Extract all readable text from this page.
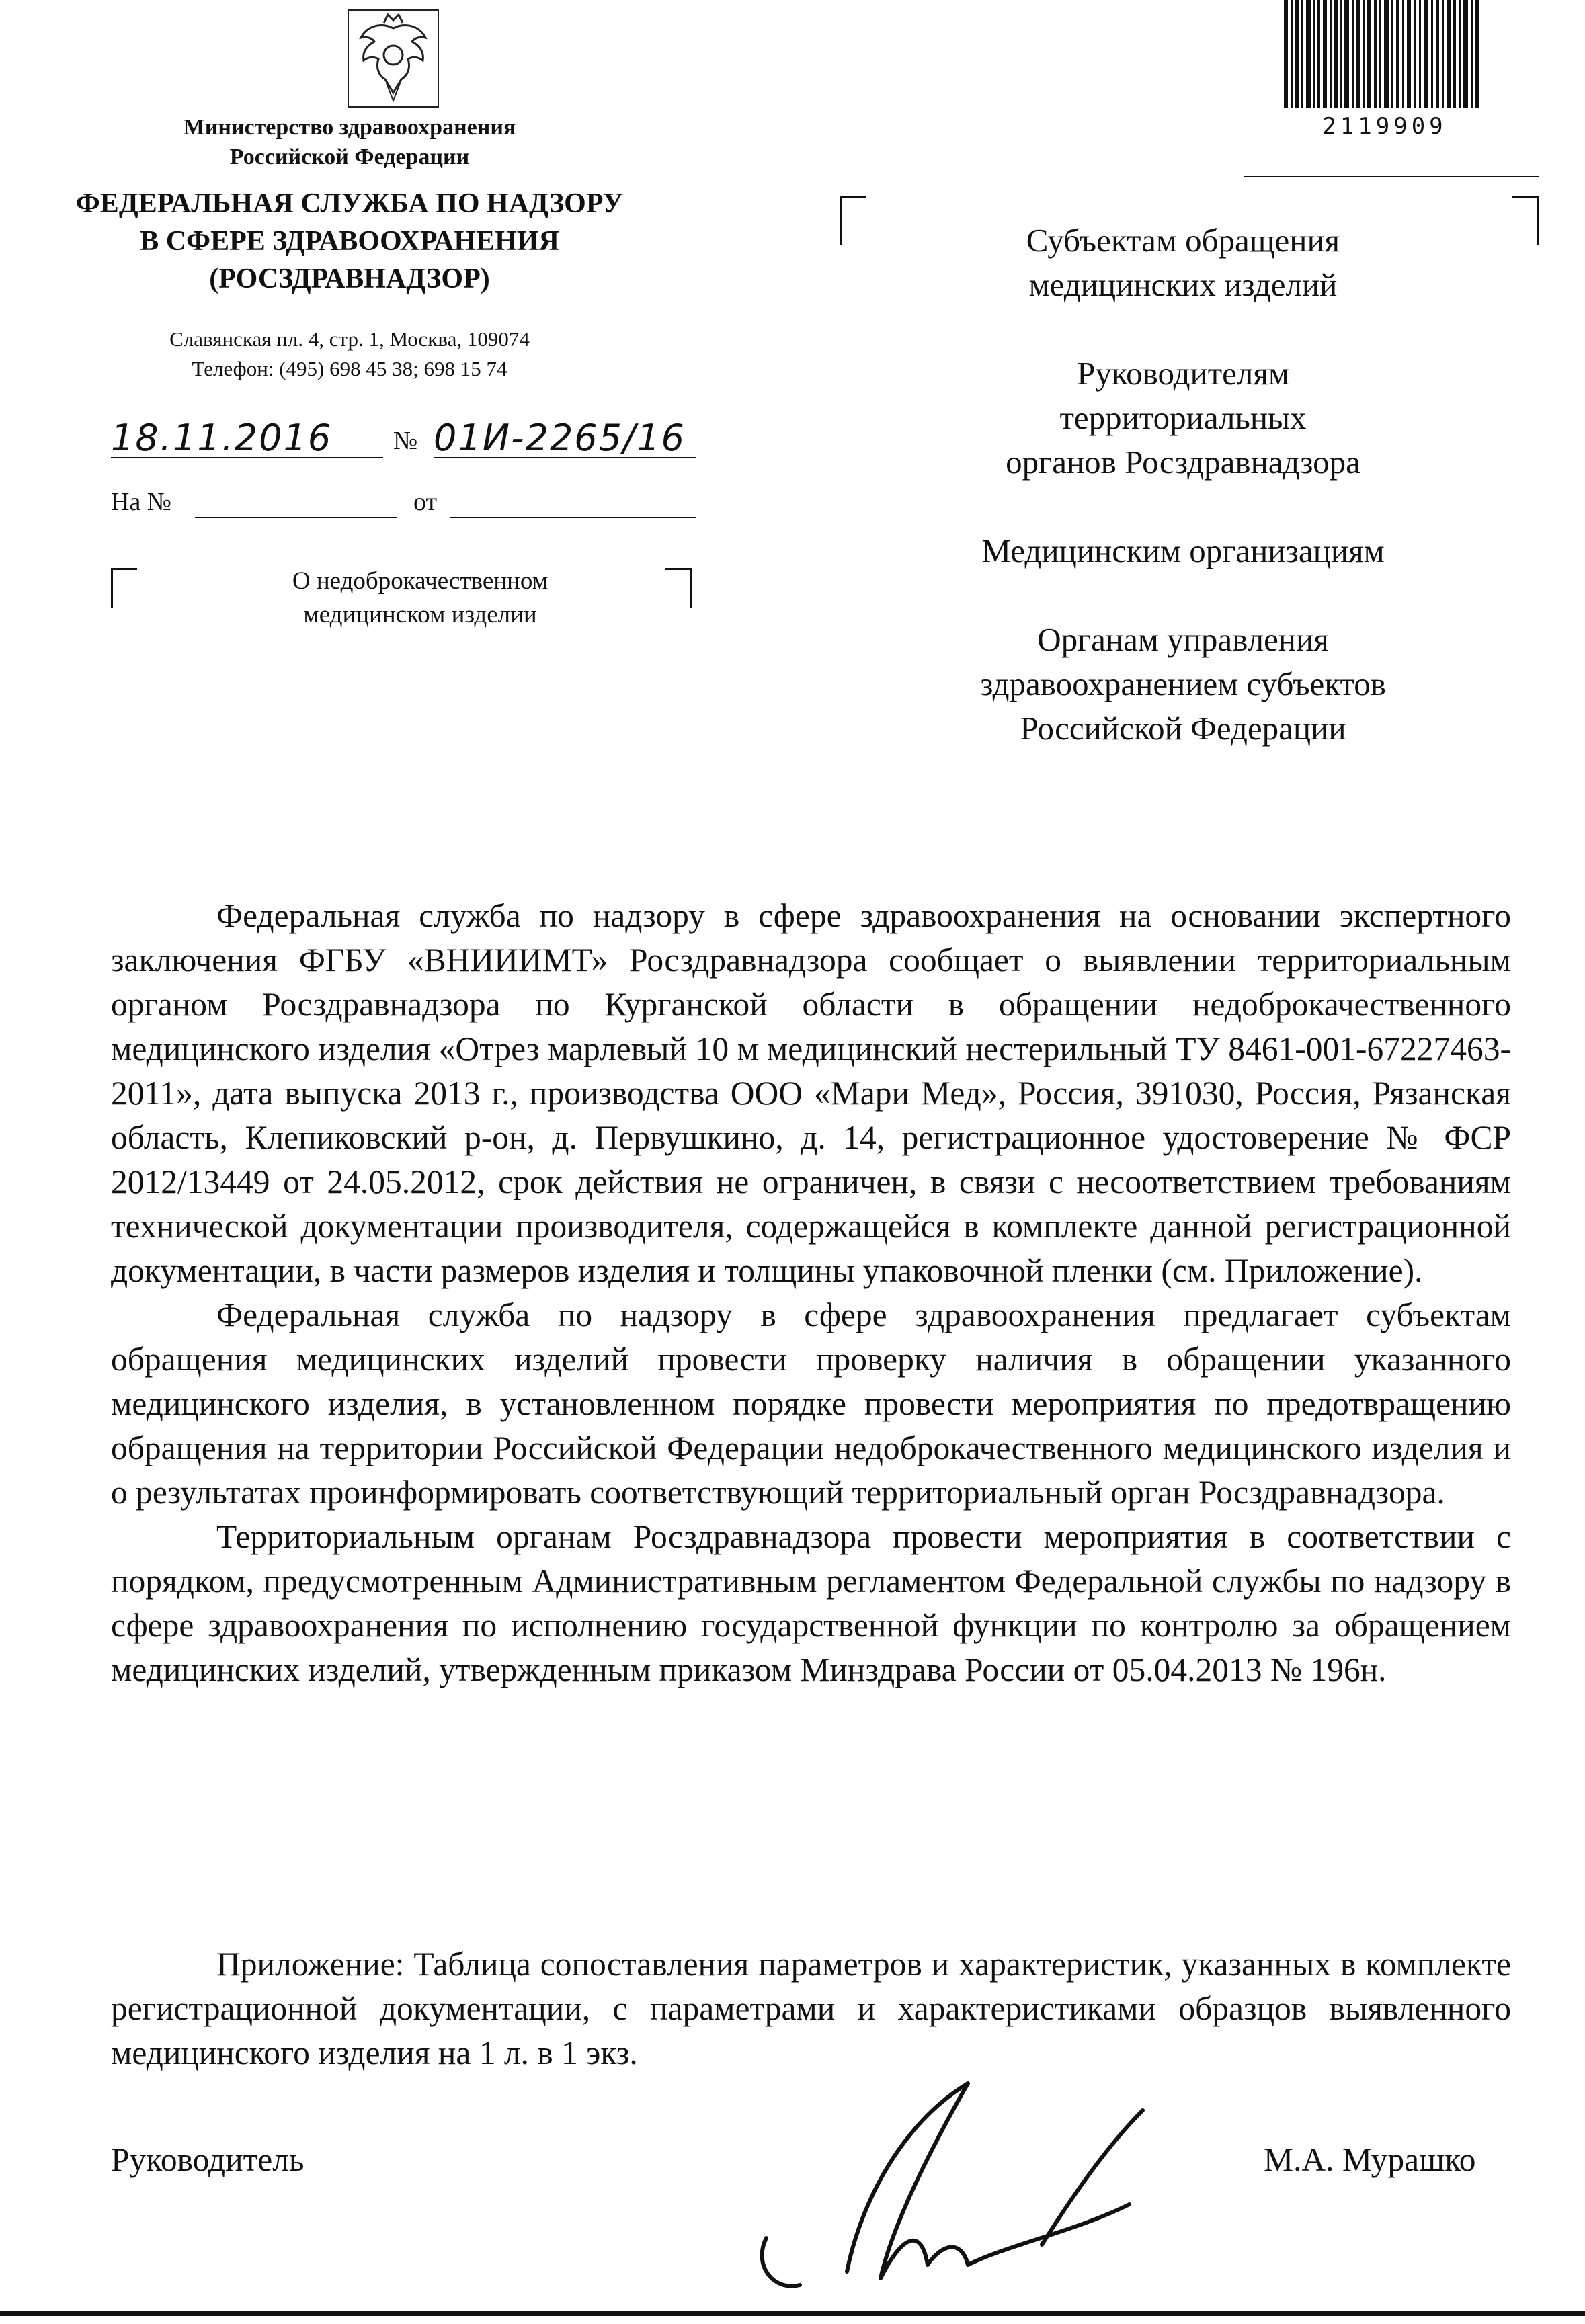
Министерство здравоохранения
Российской Федерации
ФЕДЕРАЛЬНАЯ СЛУЖБА ПО НАДЗОРУ
В СФЕРЕ ЗДРАВООХРАНЕНИЯ
(РОСЗДРАВНАДЗОР)
Славянская пл. 4, стр. 1, Москва, 109074
Телефон: (495) 698 45 38; 698 15 74
18.11.2016	№ 01И-2265/16
На №	от
О недоброкачественном
медицинском изделии
2119909
Субъектам обращения
медицинских изделий
Руководителям
территориальных
органов Росздравнадзора
Медицинским организациям
Органам управления
здравоохранением субъектов
Российской Федерации

Федеральная служба по надзору в сфере здравоохранения на основании экспертного заключения ФГБУ «ВНИИИМТ» Росздравнадзора сообщает о выявлении территориальным органом Росздравнадзора по Курганской области в обращении недоброкачественного медицинского изделия «Отрез марлевый 10 м медицинский нестерильный ТУ 8461-001-67227463-2011», дата выпуска 2013 г., производства ООО «Мари Мед», Россия, 391030, Россия, Рязанская область, Клепиковский р-он, д. Первушкино, д. 14, регистрационное удостоверение № ФСР 2012/13449 от 24.05.2012, срок действия не ограничен, в связи с несоответствием требованиям технической документации производителя, содержащейся в комплекте данной регистрационной документации, в части размеров изделия и толщины упаковочной пленки (см. Приложение).

Федеральная служба по надзору в сфере здравоохранения предлагает субъектам обращения медицинских изделий провести проверку наличия в обращении указанного медицинского изделия, в установленном порядке провести мероприятия по предотвращению обращения на территории Российской Федерации недоброкачественного медицинского изделия и о результатах проинформировать соответствующий территориальный орган Росздравнадзора.

Территориальным органам Росздравнадзора провести мероприятия в соответствии с порядком, предусмотренным Административным регламентом Федеральной службы по надзору в сфере здравоохранения по исполнению государственной функции по контролю за обращением медицинских изделий, утвержденным приказом Минздрава России от 05.04.2013 № 196н.

Приложение: Таблица сопоставления параметров и характеристик, указанных в комплекте регистрационной документации, с параметрами и характеристиками образцов выявленного медицинского изделия на 1 л. в 1 экз.

Руководитель	М.А. Мурашко
